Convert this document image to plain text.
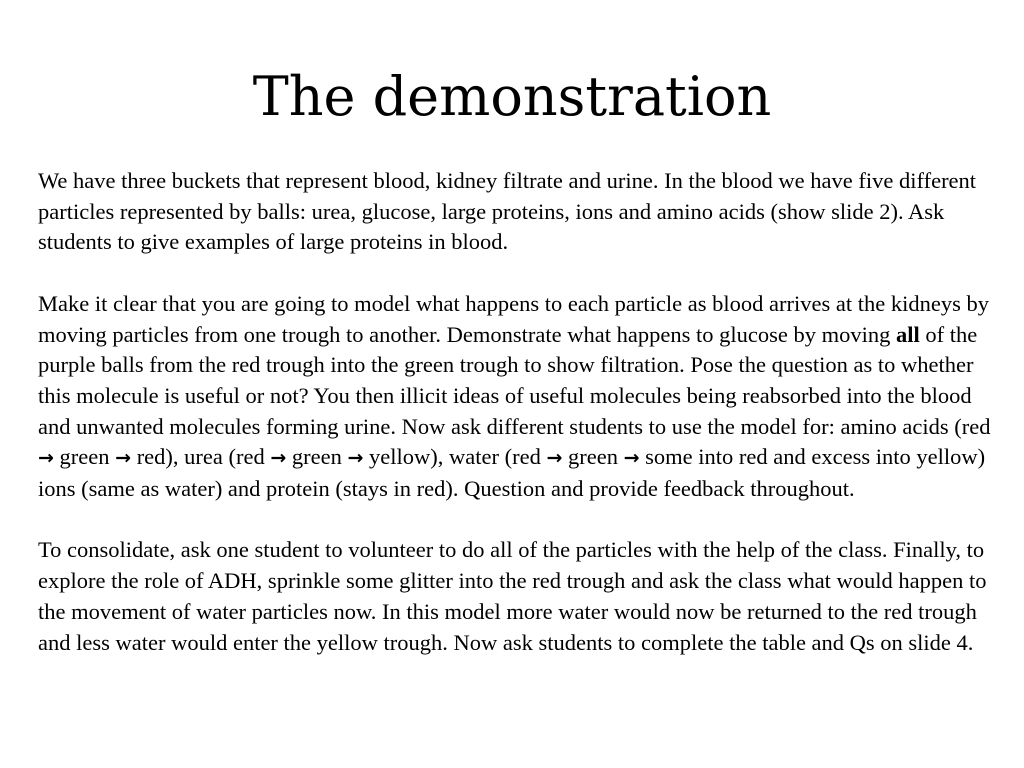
The demonstration

We have three buckets that represent blood, kidney filtrate and urine. In the blood we have five different particles represented by balls: urea, glucose, large proteins, ions and amino acids (show slide 2). Ask students to give examples of large proteins in blood.

Make it clear that you are going to model what happens to each particle as blood arrives at the kidneys by moving particles from one trough to another. Demonstrate what happens to glucose by moving all of the purple balls from the red trough into the green trough to show filtration. Pose the question as to whether this molecule is useful or not? You then illicit ideas of useful molecules being reabsorbed into the blood and unwanted molecules forming urine. Now ask different students to use the model for: amino acids (red → green → red), urea (red → green → yellow), water (red → green → some into red and excess into yellow) ions (same as water) and protein (stays in red). Question and provide feedback throughout.

To consolidate, ask one student to volunteer to do all of the particles with the help of the class. Finally, to explore the role of ADH, sprinkle some glitter into the red trough and ask the class what would happen to the movement of water particles now. In this model more water would now be returned to the red trough and less water would enter the yellow trough. Now ask students to complete the table and Qs on slide 4.
